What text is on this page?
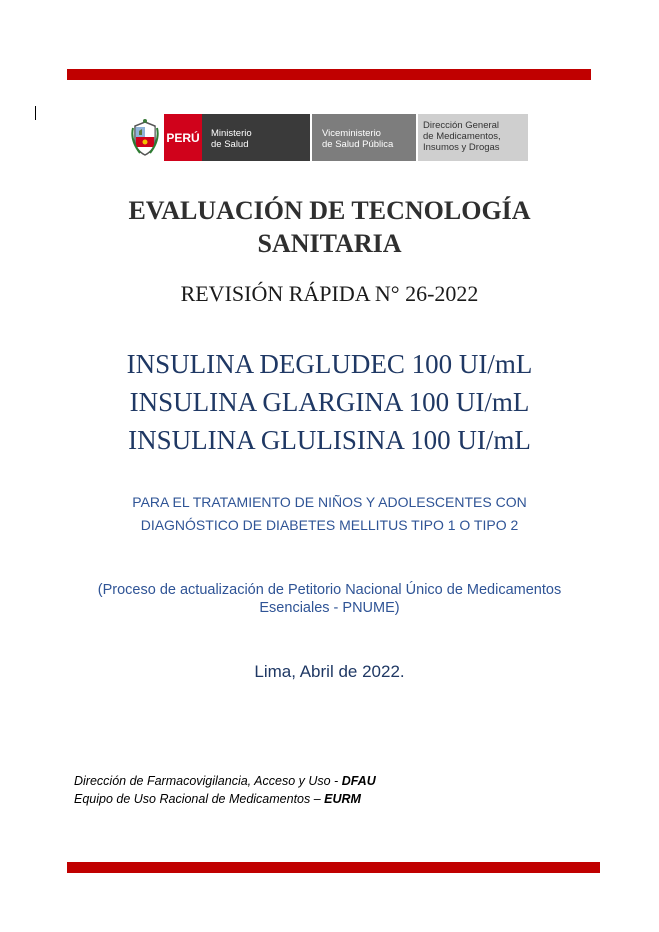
PERÚ Ministerio
de Salud
Viceministerio
de Salud Pública
Dirección General
de Medicamentos,
Insumos y Drogas
EVALUACIÓN DE TECNOLOGÍA
SANITARIA
REVISIÓN RÁPIDA N° 26-2022
INSULINA DEGLUDEC 100 UI/mL
INSULINA GLARGINA 100 UI/mL
INSULINA GLULISINA 100 UI/mL
PARA EL TRATAMIENTO DE NIÑOS Y ADOLESCENTES CON
DIAGNÓSTICO DE DIABETES MELLITUS TIPO 1 O TIPO 2
(Proceso de actualización de Petitorio Nacional Único de Medicamentos
Esenciales - PNUME)
Lima, Abril de 2022.
Dirección de Farmacovigilancia, Acceso y Uso - DFAU
Equipo de Uso Racional de Medicamentos – EURM
